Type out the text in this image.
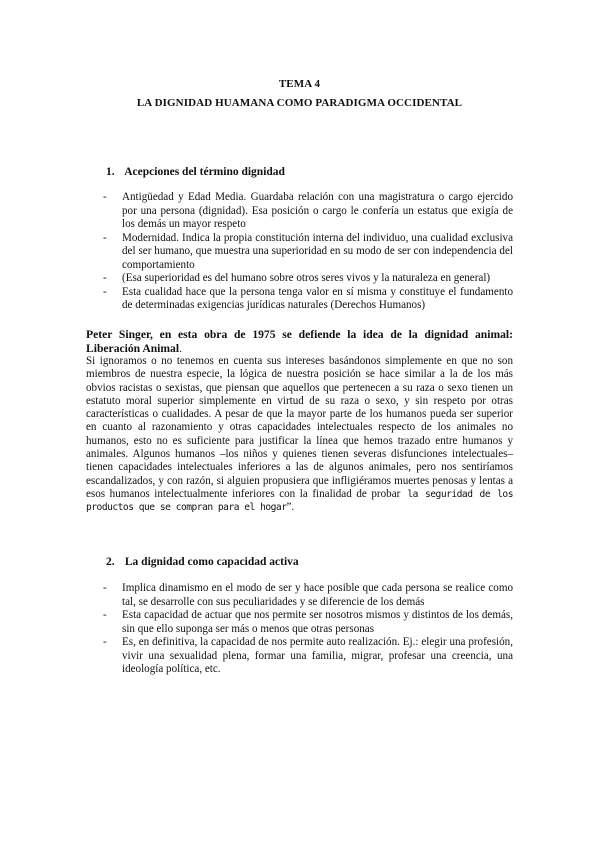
TEMA 4
LA DIGNIDAD HUAMANA COMO PARADIGMA OCCIDENTAL
1. Acepciones del término dignidad
- Antigüedad y Edad Media. Guardaba relación con una magistratura o cargo ejercido por una persona (dignidad). Esa posición o cargo le confería un estatus que exigía de los demás un mayor respeto
- Modernidad. Indica la propia constitución interna del individuo, una cualidad exclusiva del ser humano, que muestra una superioridad en su modo de ser con independencia del comportamiento
- (Esa superioridad es del humano sobre otros seres vivos y la naturaleza en general)
- Esta cualidad hace que la persona tenga valor en sí misma y constituye el fundamento de determinadas exigencias jurídicas naturales (Derechos Humanos)
Peter Singer, en esta obra de 1975 se defiende la idea de la dignidad animal: Liberación Animal.
Si ignoramos o no tenemos en cuenta sus intereses basándonos simplemente en que no son miembros de nuestra especie, la lógica de nuestra posición se hace similar a la de los más obvios racistas o sexistas, que piensan que aquellos que pertenecen a su raza o sexo tienen un estatuto moral superior simplemente en virtud de su raza o sexo, y sin respeto por otras características o cualidades. A pesar de que la mayor parte de los humanos pueda ser superior en cuanto al razonamiento y otras capacidades intelectuales respecto de los animales no humanos, esto no es suficiente para justificar la línea que hemos trazado entre humanos y animales. Algunos humanos –los niños y quienes tienen severas disfunciones intelectuales– tienen capacidades intelectuales inferiores a las de algunos animales, pero nos sentiríamos escandalizados, y con razón, si alguien propusiera que infligiéramos muertes penosas y lentas a esos humanos intelectualmente inferiores con la finalidad de probar la seguridad de los productos que se compran para el hogar”.
2. La dignidad como capacidad activa
- Implica dinamismo en el modo de ser y hace posible que cada persona se realice como tal, se desarrolle con sus peculiaridades y se diferencie de los demás
- Esta capacidad de actuar que nos permite ser nosotros mismos y distintos de los demás, sin que ello suponga ser más o menos que otras personas
- Es, en definitiva, la capacidad de nos permite auto realización. Ej.: elegir una profesión, vivir una sexualidad plena, formar una familia, migrar, profesar una creencia, una ideología política, etc.
